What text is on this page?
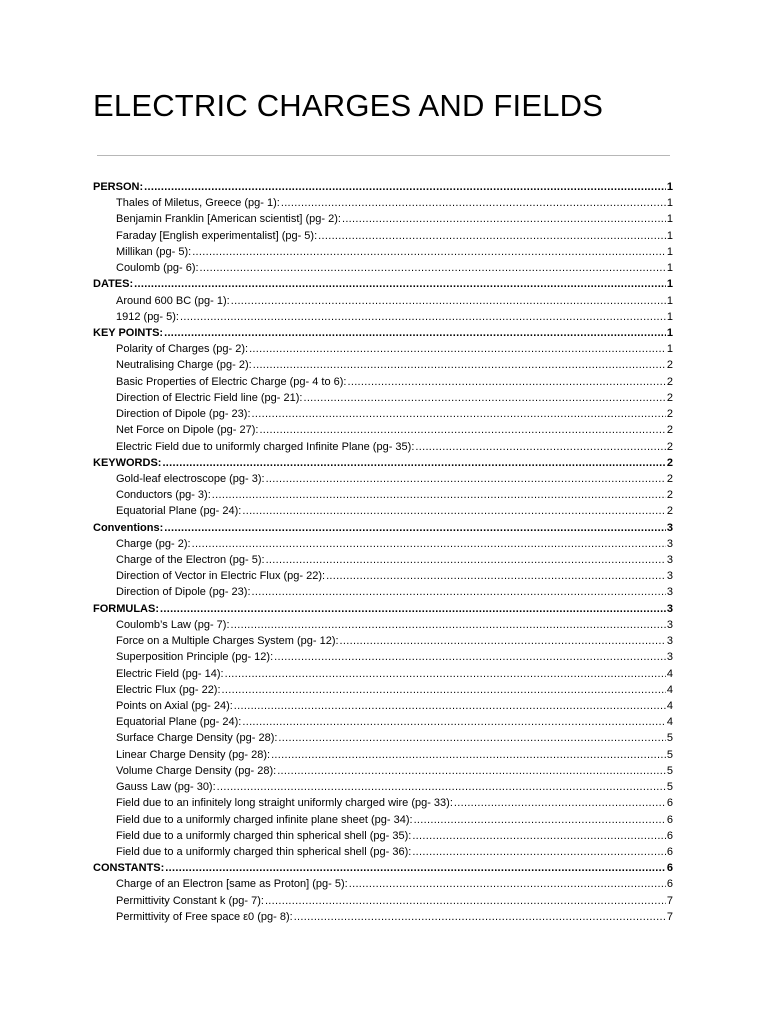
ELECTRIC CHARGES AND FIELDS
PERSON: .....	1
Thales of Miletus, Greece (pg- 1): .....	1
Benjamin Franklin [American scientist] (pg- 2): .....	1
Faraday [English experimentalist] (pg- 5): .....	1
Millikan (pg- 5): .....	1
Coulomb (pg- 6): .....	1
DATES: .....	1
Around 600 BC (pg- 1): .....	1
1912 (pg- 5): .....	1
KEY POINTS: .....	1
Polarity of Charges (pg- 2): .....	1
Neutralising Charge (pg- 2): .....	2
Basic Properties of Electric Charge (pg- 4 to 6): .....	2
Direction of Electric Field line (pg- 21): .....	2
Direction of Dipole (pg- 23): .....	2
Net Force on Dipole (pg- 27): .....	2
Electric Field due to uniformly charged Infinite Plane (pg- 35): .....	2
KEYWORDS: .....	2
Gold-leaf electroscope (pg- 3): .....	2
Conductors (pg- 3): .....	2
Equatorial Plane (pg- 24): .....	2
Conventions: .....	3
Charge (pg- 2): .....	3
Charge of the Electron (pg- 5): .....	3
Direction of Vector in Electric Flux (pg- 22): .....	3
Direction of Dipole (pg- 23): .....	3
FORMULAS: .....	3
Coulomb’s Law (pg- 7): .....	3
Force on a Multiple Charges System (pg- 12): .....	3
Superposition Principle (pg- 12): .....	3
Electric Field (pg- 14): .....	4
Electric Flux (pg- 22): .....	4
Points on Axial (pg- 24): .....	4
Equatorial Plane (pg- 24): .....	4
Surface Charge Density (pg- 28): .....	5
Linear Charge Density (pg- 28): .....	5
Volume Charge Density (pg- 28): .....	5
Gauss Law (pg- 30): .....	5
Field due to an infinitely long straight uniformly charged wire (pg- 33): .....	6
Field due to a uniformly charged infinite plane sheet (pg- 34): .....	6
Field due to a uniformly charged thin spherical shell (pg- 35): .....	6
Field due to a uniformly charged thin spherical shell (pg- 36): .....	6
CONSTANTS: .....	6
Charge of an Electron [same as Proton] (pg- 5): .....	6
Permittivity Constant k (pg- 7): .....	7
Permittivity of Free space ε0 (pg- 8): .....	7
